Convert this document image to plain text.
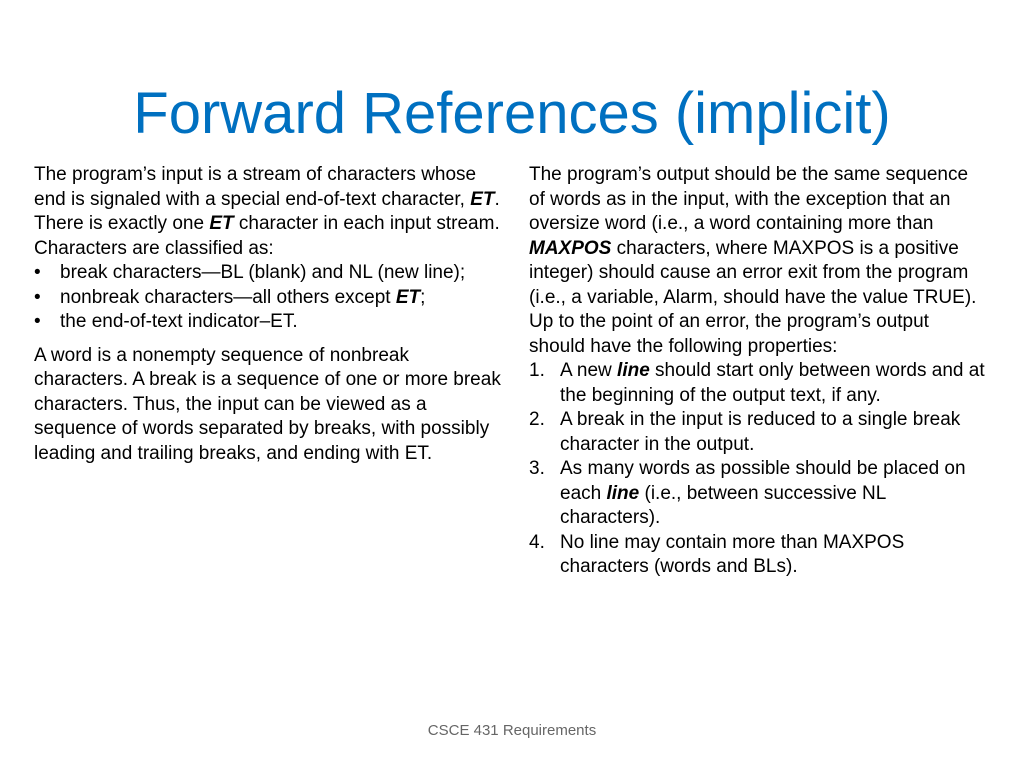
Forward References (implicit)

The program’s input is a stream of characters whose end is signaled with a special end-of-text character, ET. There is exactly one ET character in each input stream. Characters are classified as:

• break characters—BL (blank) and NL (new line);

• nonbreak characters—all others except ET;

• the end-of-text indicator–ET.

A word is a nonempty sequence of nonbreak characters. A break is a sequence of one or more break characters. Thus, the input can be viewed as a sequence of words separated by breaks, with possibly leading and trailing breaks, and ending with ET.

The program’s output should be the same sequence of words as in the input, with the exception that an oversize word (i.e., a word containing more than MAXPOS characters, where MAXPOS is a positive integer) should cause an error exit from the program (i.e., a variable, Alarm, should have the value TRUE). Up to the point of an error, the program’s output should have the following properties:

1. A new line should start only between words and at the beginning of the output text, if any.

2. A break in the input is reduced to a single break character in the output.

3. As many words as possible should be placed on each line (i.e., between successive NL characters).

4. No line may contain more than MAXPOS characters (words and BLs).

CSCE 431 Requirements
